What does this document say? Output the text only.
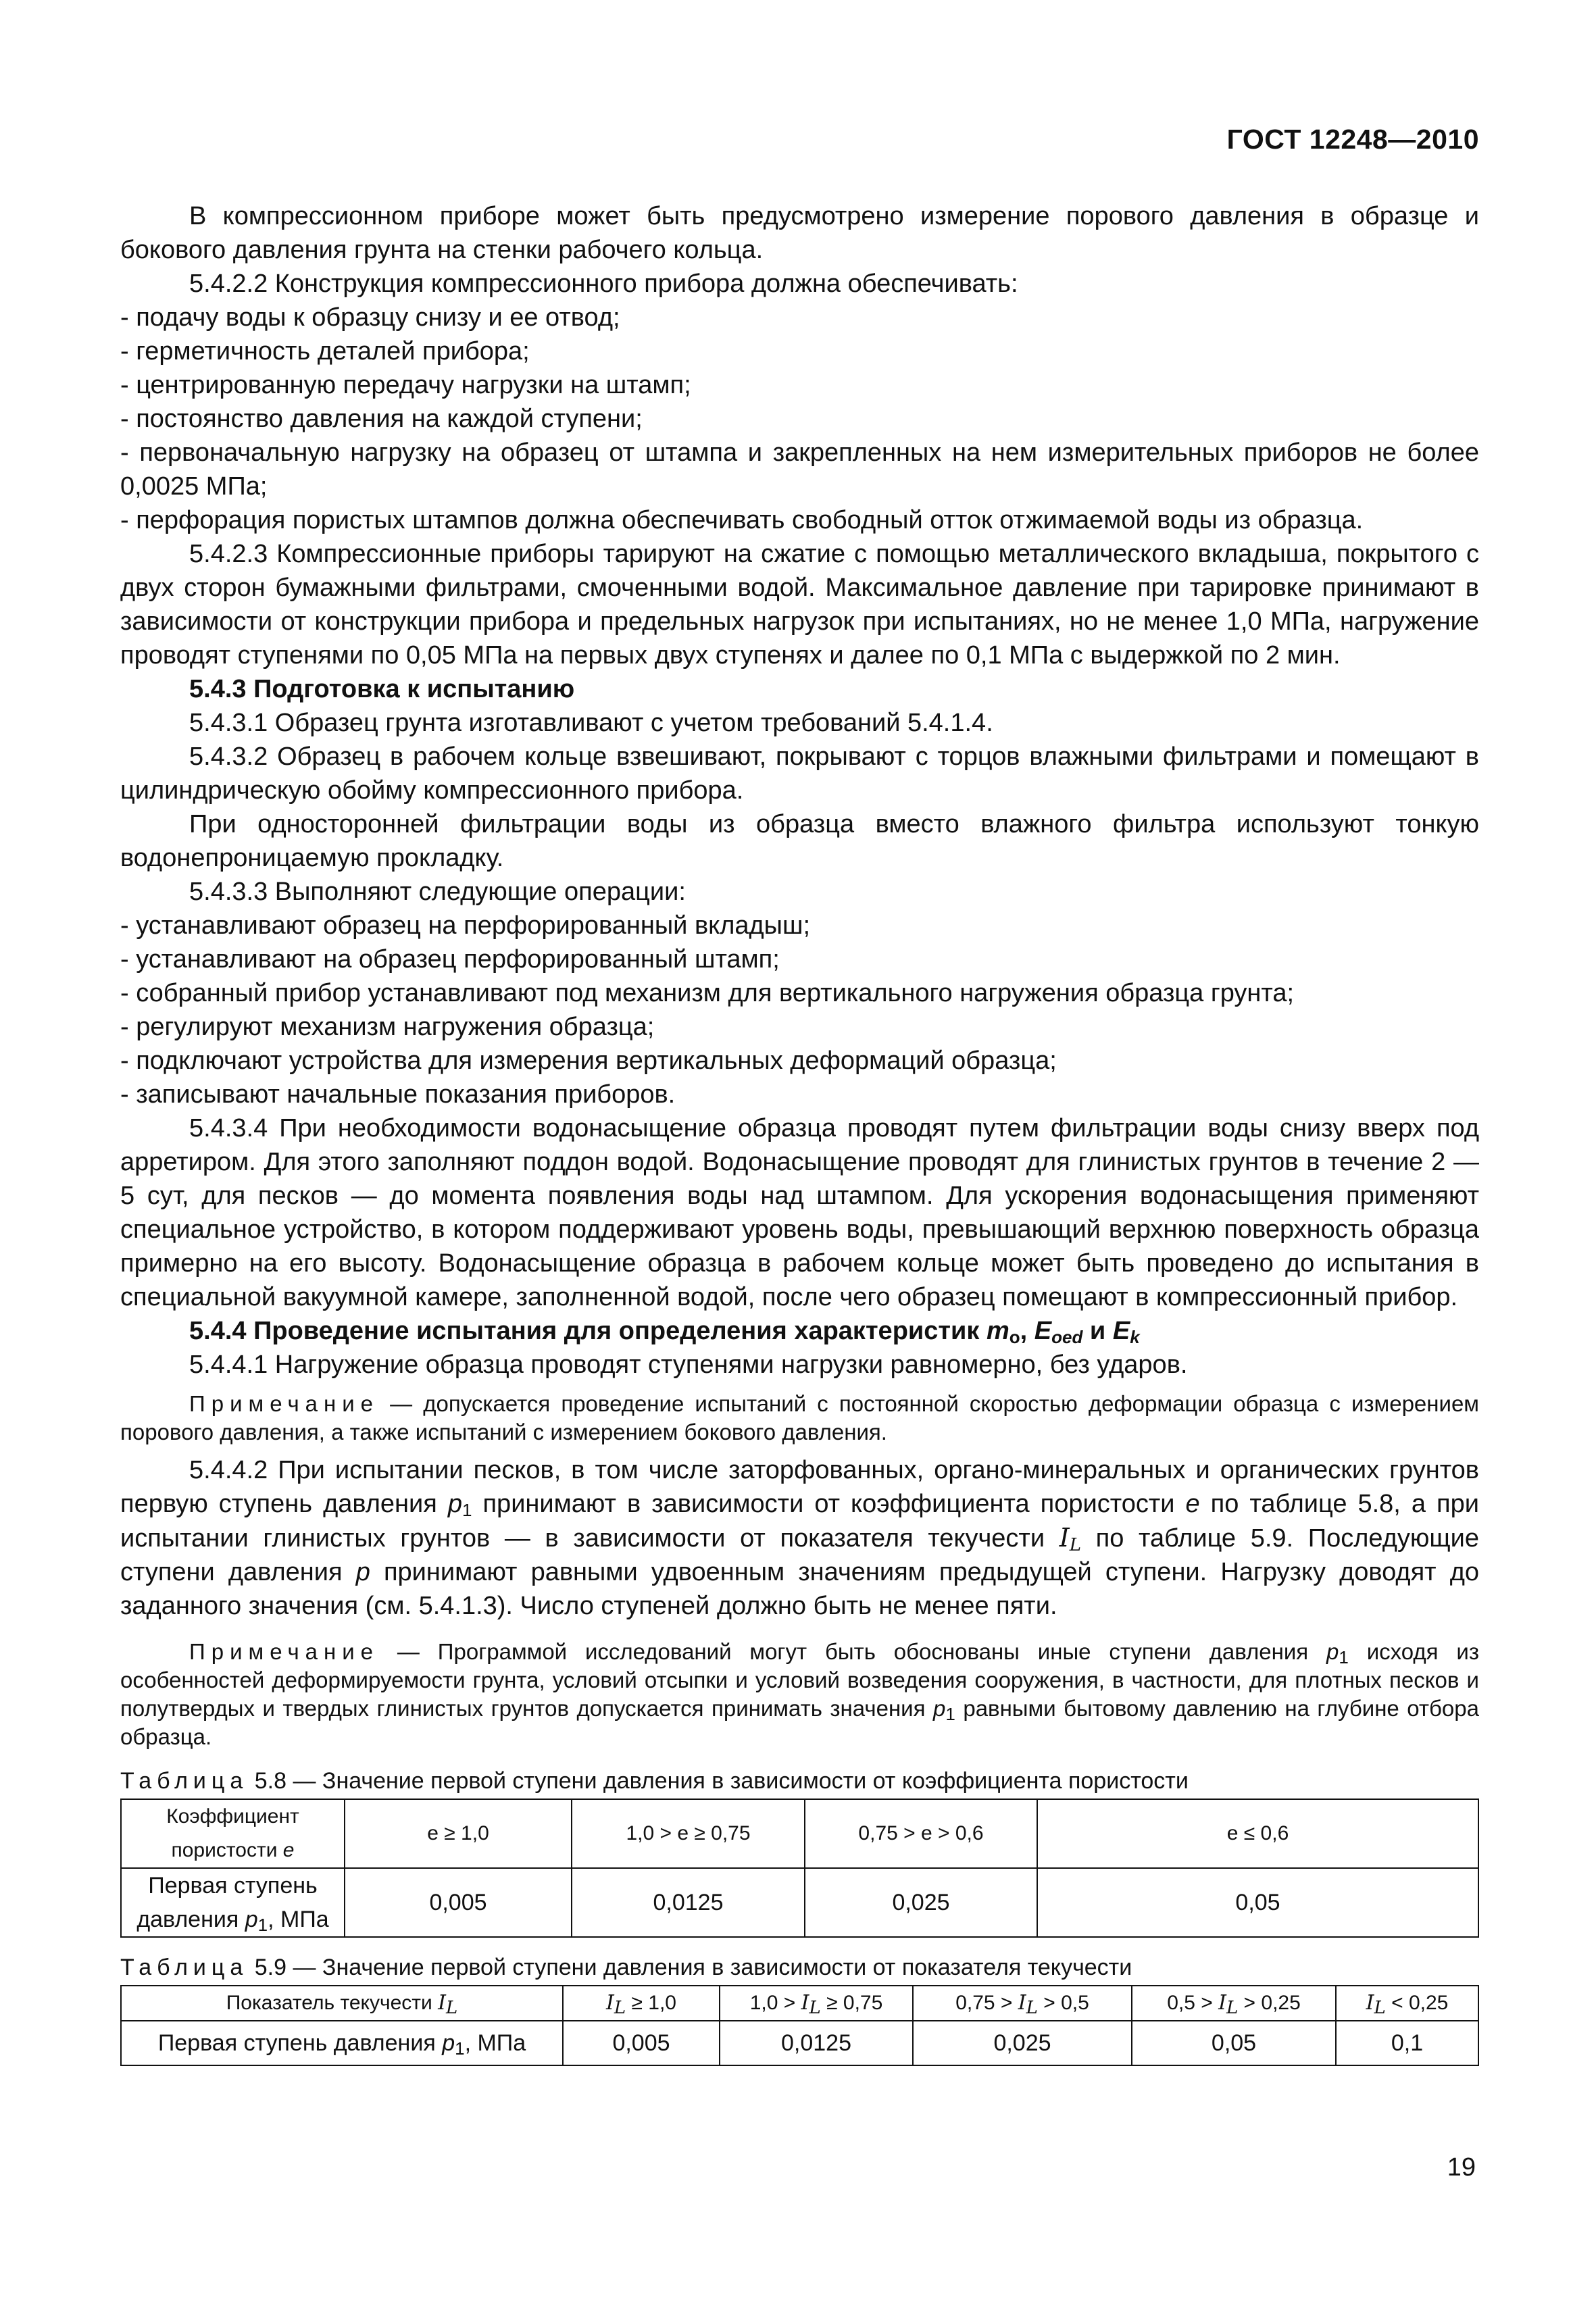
ГОСТ 12248—2010

В компрессионном приборе может быть предусмотрено измерение порового давления в образце и бокового давления грунта на стенки рабочего кольца.

5.4.2.2 Конструкция компрессионного прибора должна обеспечивать:

- подачу воды к образцу снизу и ее отвод;

- герметичность деталей прибора;

- центрированную передачу нагрузки на штамп;

- постоянство давления на каждой ступени;

- первоначальную нагрузку на образец от штампа и закрепленных на нем измерительных приборов не более 0,0025 МПа;

- перфорация пористых штампов должна обеспечивать свободный отток отжимаемой воды из образца.

5.4.2.3 Компрессионные приборы тарируют на сжатие с помощью металлического вкладыша, покрытого с двух сторон бумажными фильтрами, смоченными водой. Максимальное давление при тарировке принимают в зависимости от конструкции прибора и предельных нагрузок при испытаниях, но не менее 1,0 МПа, нагружение проводят ступенями по 0,05 МПа на первых двух ступенях и далее по 0,1 МПа с выдержкой по 2 мин.

5.4.3 Подготовка к испытанию

5.4.3.1 Образец грунта изготавливают с учетом требований 5.4.1.4.

5.4.3.2 Образец в рабочем кольце взвешивают, покрывают с торцов влажными фильтрами и помещают в цилиндрическую обойму компрессионного прибора.

При односторонней фильтрации воды из образца вместо влажного фильтра используют тонкую водонепроницаемую прокладку.

5.4.3.3 Выполняют следующие операции:

- устанавливают образец на перфорированный вкладыш;

- устанавливают на образец перфорированный штамп;

- собранный прибор устанавливают под механизм для вертикального нагружения образца грунта;

- регулируют механизм нагружения образца;

- подключают устройства для измерения вертикальных деформаций образца;

- записывают начальные показания приборов.

5.4.3.4 При необходимости водонасыщение образца проводят путем фильтрации воды снизу вверх под арретиром. Для этого заполняют поддон водой. Водонасыщение проводят для глинистых грунтов в течение 2 — 5 сут, для песков — до момента появления воды над штампом. Для ускорения водонасыщения применяют специальное устройство, в котором поддерживают уровень воды, превышающий верхнюю поверхность образца примерно на его высоту. Водонасыщение образца в рабочем кольце может быть проведено до испытания в специальной вакуумной камере, заполненной водой, после чего образец помещают в компрессионный прибор.

5.4.4 Проведение испытания для определения характеристик $m_o$, $E_{oed}$ и $E_k$

5.4.4.1 Нагружение образца проводят ступенями нагрузки равномерно, без ударов.

Примечание — допускается проведение испытаний с постоянной скоростью деформации образца с измерением порового давления, а также испытаний с измерением бокового давления.

5.4.4.2 При испытании песков, в том числе заторфованных, органо-минеральных и органических грунтов первую ступень давления $p_1$ принимают в зависимости от коэффициента пористости e по таблице 5.8, а при испытании глинистых грунтов — в зависимости от показателя текучести $I_L$ по таблице 5.9. Последующие ступени давления p принимают равными удвоенным значениям предыдущей ступени. Нагрузку доводят до заданного значения (см. 5.4.1.3). Число ступеней должно быть не менее пяти.

Примечание — Программой исследований могут быть обоснованы иные ступени давления $p_1$ исходя из особенностей деформируемости грунта, условий отсыпки и условий возведения сооружения, в частности, для плотных песков и полутвердых и твердых глинистых грунтов допускается принимать значения $p_1$ равными бытовому давлению на глубине отбора образца.

Таблица 5.8 — Значение первой ступени давления в зависимости от коэффициента пористости

Коэффициент пористости e	e ≥ 1,0	1,0 > e ≥ 0,75	0,75 > e > 0,6	e ≤ 0,6
Первая ступень давления $p_1$, МПа	0,005	0,0125	0,025	0,05

Таблица 5.9 — Значение первой ступени давления в зависимости от показателя текучести

Показатель текучести $I_L$	$I_L \ge 1,0$	$1,0 > I_L \ge 0,75$	$0,75 > I_L > 0,5$	$0,5 > I_L > 0,25$	$I_L < 0,25$
Первая ступень давления $p_1$, МПа	0,005	0,0125	0,025	0,05	0,1
19
